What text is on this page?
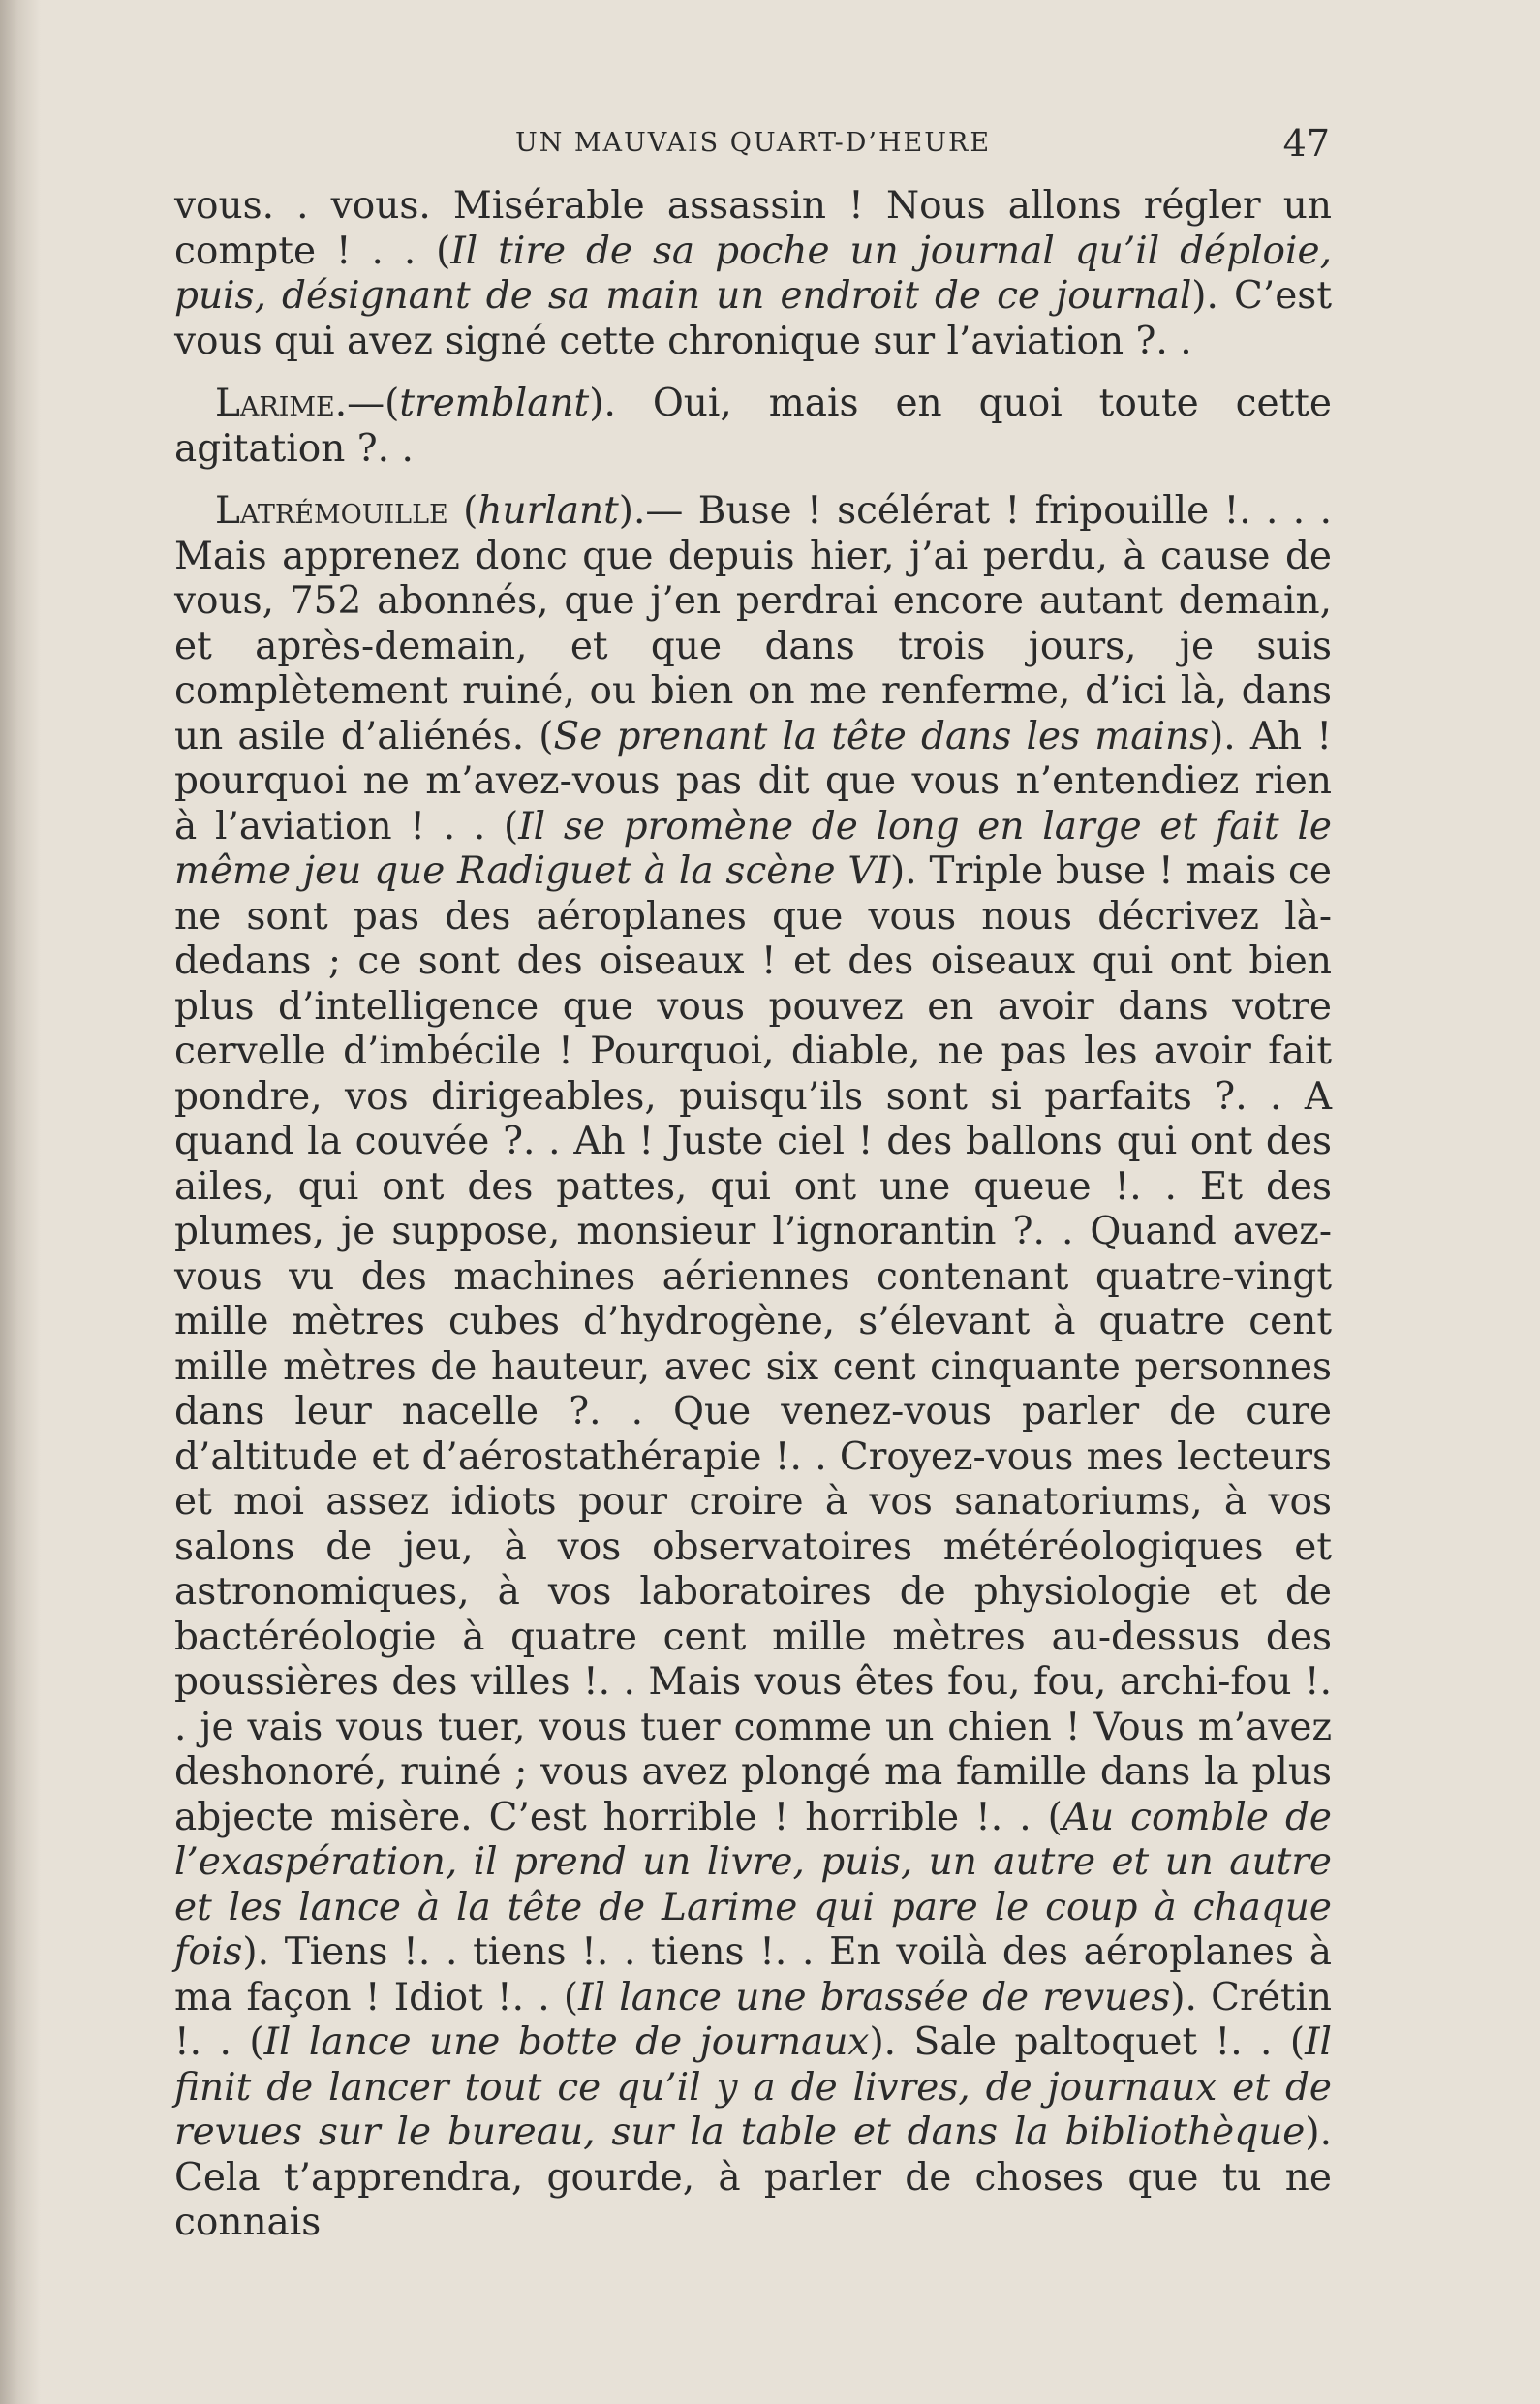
UN MAUVAIS QUART-D’HEURE	47

vous. . vous. Misérable assassin ! Nous allons régler un compte ! . . (Il tire de sa poche un journal qu’il déploie, puis, désignant de sa main un endroit de ce journal). C’est vous qui avez signé cette chronique sur l’aviation ?. .

Larime.—(tremblant). Oui, mais en quoi toute cette agitation ?. .

Latrémouille (hurlant).— Buse ! scélérat ! fripouille !. . . . Mais apprenez donc que depuis hier, j’ai perdu, à cause de vous, 752 abonnés, que j’en perdrai encore autant demain, et après-demain, et que dans trois jours, je suis complètement ruiné, ou bien on me renferme, d’ici là, dans un asile d’aliénés. (Se prenant la tête dans les mains). Ah ! pourquoi ne m’avez-vous pas dit que vous n’entendiez rien à l’aviation ! . . (Il se promène de long en large et fait le même jeu que Radiguet à la scène VI). Triple buse ! mais ce ne sont pas des aéroplanes que vous nous décrivez là-dedans ; ce sont des oiseaux ! et des oiseaux qui ont bien plus d’intelligence que vous pouvez en avoir dans votre cervelle d’imbécile ! Pourquoi, diable, ne pas les avoir fait pondre, vos dirigeables, puisqu’ils sont si parfaits ?. . A quand la couvée ?. . Ah ! Juste ciel ! des ballons qui ont des ailes, qui ont des pattes, qui ont une queue !. . Et des plumes, je suppose, monsieur l’ignorantin ?. . Quand avez-vous vu des machines aériennes contenant quatre-vingt mille mètres cubes d’hydrogène, s’élevant à quatre cent mille mètres de hauteur, avec six cent cinquante personnes dans leur nacelle ?. . Que venez-vous parler de cure d’altitude et d’aérostathérapie !. . Croyez-vous mes lecteurs et moi assez idiots pour croire à vos sanatoriums, à vos salons de jeu, à vos observatoires météréologiques et astronomiques, à vos laboratoires de physiologie et de bactéréologie à quatre cent mille mètres au-dessus des poussières des villes !. . Mais vous êtes fou, fou, archi-fou !. . je vais vous tuer, vous tuer comme un chien ! Vous m’avez deshonoré, ruiné ; vous avez plongé ma famille dans la plus abjecte misère. C’est horrible ! horrible !. . (Au comble de l’exaspération, il prend un livre, puis, un autre et un autre et les lance à la tête de Larime qui pare le coup à chaque fois). Tiens !. . tiens !. . tiens !. . En voilà des aéroplanes à ma façon ! Idiot !. . (Il lance une brassée de revues). Crétin !. . (Il lance une botte de journaux). Sale paltoquet !. . (Il finit de lancer tout ce qu’il y a de livres, de journaux et de revues sur le bureau, sur la table et dans la bibliothèque). Cela t’apprendra, gourde, à parler de choses que tu ne connais
